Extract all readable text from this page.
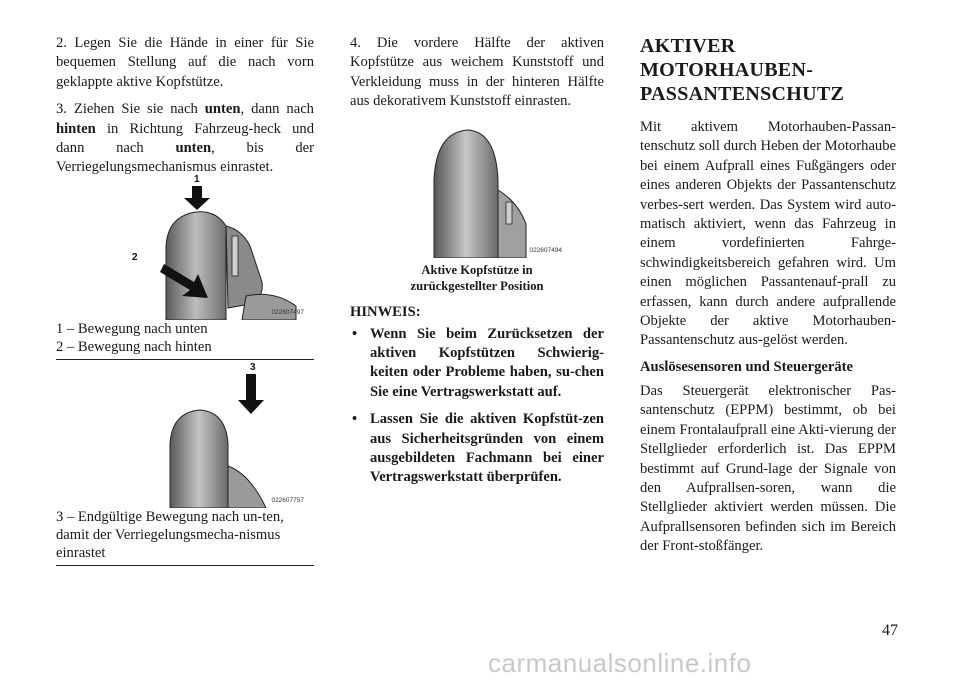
2. Legen Sie die Hände in einer für Sie bequemen Stellung auf die nach vorn geklappte aktive Kopfstütze.

3. Ziehen Sie sie nach unten, dann nach hinten in Richtung Fahrzeug-heck und dann nach unten, bis der Verriegelungsmechanismus einrastet.

1
2
022607497

1 – Bewegung nach unten

2 – Bewegung nach hinten

3
022607757

3 – Endgültige Bewegung nach un-ten, damit der Verriegelungsmecha-nismus einrastet

4. Die vordere Hälfte der aktiven Kopfstütze aus weichem Kunststoff und Verkleidung muss in der hinteren Hälfte aus dekorativem Kunststoff einrasten.

022607494

Aktive Kopfstütze in
zurückgestellter Position

HINWEIS:

• Wenn Sie beim Zurücksetzen der aktiven Kopfstützen Schwierig-keiten oder Probleme haben, su-chen Sie eine Vertragswerkstatt auf.
• Lassen Sie die aktiven Kopfstüt-zen aus Sicherheitsgründen von einem ausgebildeten Fachmann bei einer Vertragswerkstatt überprüfen.
AKTIVER
MOTORHAUBEN-
PASSANTENSCHUTZ

Mit aktivem Motorhauben-Passan-tenschutz soll durch Heben der Motorhaube bei einem Aufprall eines Fußgängers oder eines anderen Objekts der Passantenschutz verbes-sert werden. Das System wird auto-matisch aktiviert, wenn das Fahrzeug in einem vordefinierten Fahrge-schwindigkeitsbereich gefahren wird. Um einen möglichen Passantenauf-prall zu erfassen, kann durch andere aufprallende Objekte der aktive Motorhauben-Passantenschutz aus-gelöst werden.

Auslösesensoren und Steuergeräte

Das Steuergerät elektronischer Pas-santenschutz (EPPM) bestimmt, ob bei einem Frontalaufprall eine Akti-vierung der Stellglieder erforderlich ist. Das EPPM bestimmt auf Grund-lage der Signale von den Aufprallsen-soren, wann die Stellglieder aktiviert werden müssen. Die Aufprallsensoren befinden sich im Bereich der Front-stoßfänger.

47
carmanualsonline.info
